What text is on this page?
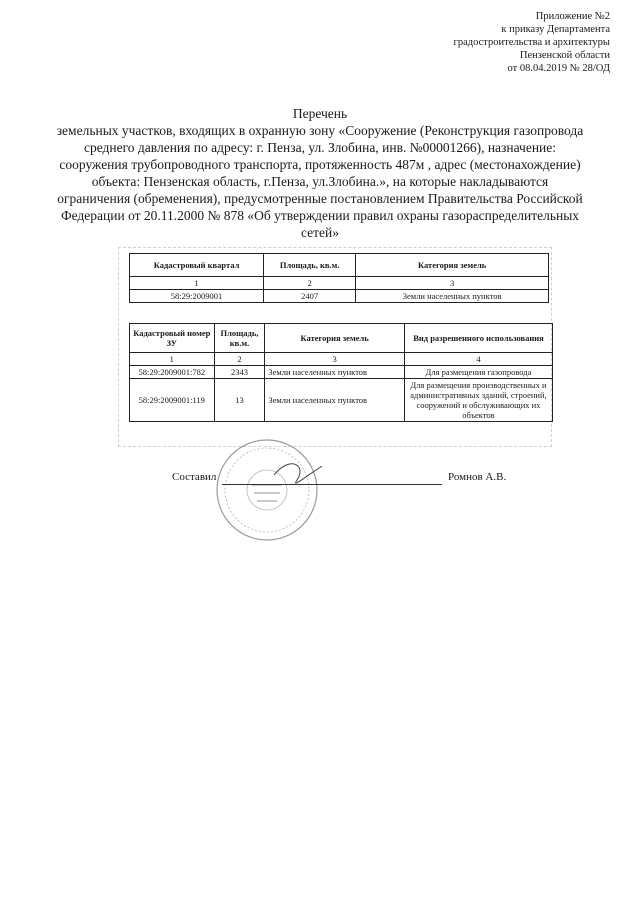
Приложение №2
к приказу Департамента
градостроительства и архитектуры
Пензенской области
от 08.04.2019 № 28/ОД
Перечень
земельных участков, входящих в охранную зону «Сооружение (Реконструкция газопровода среднего давления по адресу: г. Пенза, ул. Злобина, инв. №00001266), назначение: сооружения трубопроводного транспорта, протяженность 487м , адрес (местонахождение) объекта: Пензенская область, г.Пенза, ул.Злобина.», на которые накладываются ограничения (обременения), предусмотренные постановлением Правительства Российской Федерации от 20.11.2000 № 878 «Об утверждении правил охраны газораспределительных сетей»
Кадастровый квартал	Площадь, кв.м.	Категория земель
1	2	3
58:29:2009001	2407	Земли населенных пунктов
Кадастровый номер ЗУ	Площадь, кв.м.	Категория земель	Вид разрешенного использования
1	2	3	4
58:29:2009001:782	2343	Земли населенных пунктов	Для размещения газопровода
58:29:2009001:119	13	Земли населенных пунктов	Для размещения производственных и административных зданий, строений, сооружений и обслуживающих их объектов
Составил	Ромнов А.В.
